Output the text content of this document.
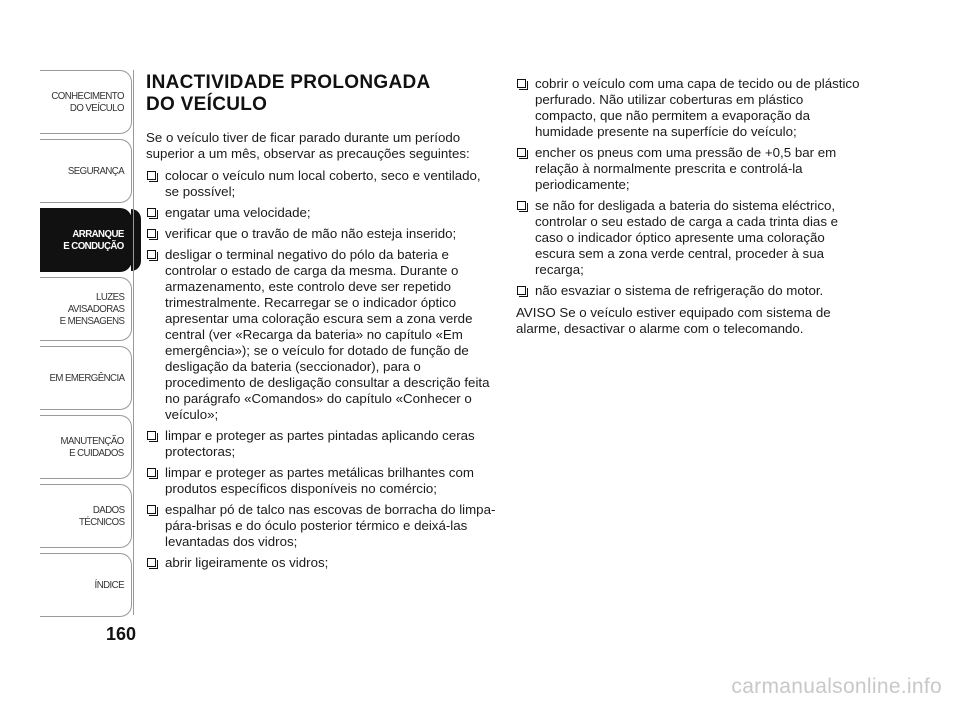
CONHECIMENTO
DO VEÍCULO
SEGURANÇA
ARRANQUE
E CONDUÇÃO
LUZES
AVISADORAS
E MENSAGENS
EM EMERGÊNCIA
MANUTENÇÃO
E CUIDADOS
DADOS
TÉCNICOS
ÍNDICE
160
INACTIVIDADE PROLONGADA
DO VEÍCULO

Se o veículo tiver de ficar parado durante um período superior a um mês, observar as precauções seguintes:

colocar o veículo num local coberto, seco e ventilado, se possível;
engatar uma velocidade;
verificar que o travão de mão não esteja inserido;
desligar o terminal negativo do pólo da bateria e controlar o estado de carga da mesma. Durante o armazenamento, este controlo deve ser repetido trimestralmente. Recarregar se o indicador óptico apresentar uma coloração escura sem a zona verde central (ver «Recarga da bateria» no capítulo «Em emergência»); se o veículo for dotado de função de desligação da bateria (seccionador), para o procedimento de desligação consultar a descrição feita no parágrafo «Comandos» do capítulo «Conhecer o veículo»;
limpar e proteger as partes pintadas aplicando ceras protectoras;
limpar e proteger as partes metálicas brilhantes com produtos específicos disponíveis no comércio;
espalhar pó de talco nas escovas de borracha do limpa-pára-brisas e do óculo posterior térmico e deixá-las levantadas dos vidros;
abrir ligeiramente os vidros;
cobrir o veículo com uma capa de tecido ou de plástico perfurado. Não utilizar coberturas em plástico compacto, que não permitem a evaporação da humidade presente na superfície do veículo;
encher os pneus com uma pressão de +0,5 bar em relação à normalmente prescrita e controlá-la periodicamente;
se não for desligada a bateria do sistema eléctrico, controlar o seu estado de carga a cada trinta dias e caso o indicador óptico apresente uma coloração escura sem a zona verde central, proceder à sua recarga;
não esvaziar o sistema de refrigeração do motor.

AVISO Se o veículo estiver equipado com sistema de alarme, desactivar o alarme com o telecomando.

carmanualsonline.info
